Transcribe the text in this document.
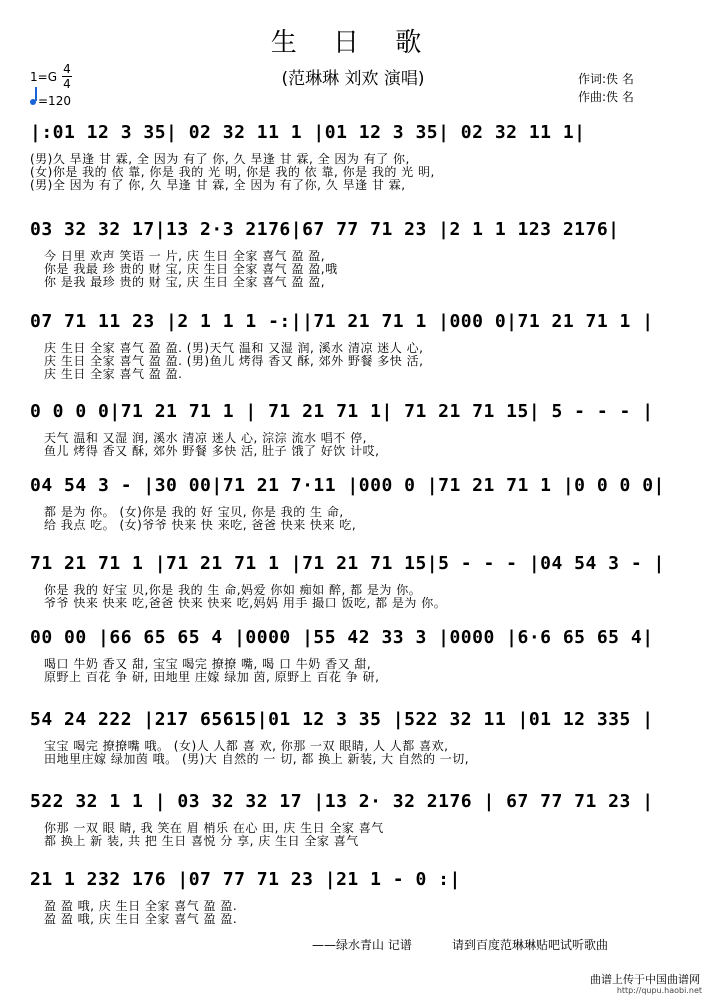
生 日 歌
(范琳琳 刘欢 演唱)
1=G
4
4
=120
作词:佚 名
作曲:佚 名
|:01 12 3 35| 02 32 11 1 |01 12 3 35| 02 32 11 1|
(男)久 旱逢 甘 霖, 全 因为 有了 你, 久 旱逢 甘 霖, 全 因为 有了 你,
(女)你是 我的 依 靠, 你是 我的 光 明, 你是 我的 依 靠, 你是 我的 光 明,
(男)全 因为 有了 你, 久 旱逢 甘 霖, 全 因为 有了你, 久 旱逢 甘 霖,
03 32 32 17|13 2·3 2176|67 77 71 23 |2 1 1 123 2176|
今 日里 欢声 笑语 一 片, 庆 生日 全家 喜气 盈 盈,
你是 我最 珍 贵的 财 宝, 庆 生日 全家 喜气 盈 盈,哦
你 是我 最珍 贵的 财 宝, 庆 生日 全家 喜气 盈 盈,
07 71 11 23 |2 1 1 1 -:||71 21 71 1 |000 0|71 21 71 1 |
庆 生日 全家 喜气 盈 盈. (男)天气 温和 又湿 润, 溪水 清凉 迷人 心,
庆 生日 全家 喜气 盈 盈. (男)鱼儿 烤得 香又 酥, 郊外 野餐 多快 活,
庆 生日 全家 喜气 盈 盈.
0 0 0 0|71 21 71 1 | 71 21 71 1| 71 21 71 15| 5 - - - |
天气 温和 又湿 润, 溪水 清凉 迷人 心, 淙淙 流水 唱不 停,
鱼儿 烤得 香又 酥, 郊外 野餐 多快 活, 肚子 饿了 好饮 计哎,
04 54 3 - |30 00|71 21 7·11 |000 0 |71 21 71 1 |0 0 0 0|
都 是为 你。 (女)你是 我的 好 宝贝, 你是 我的 生 命,
给 我点 吃。 (女)爷爷 快来 快 来吃, 爸爸 快来 快来 吃,
71 21 71 1 |71 21 71 1 |71 21 71 15|5 - - - |04 54 3 - |
你是 我的 好宝 贝,你是 我的 生 命,妈爱 你如 痴如 醉, 都 是为 你。
爷爷 快来 快来 吃,爸爸 快来 快来 吃,妈妈 用手 撮口 饭吃, 都 是为 你。
00 00 |66 65 65 4 |0000 |55 42 33 3 |0000 |6·6 65 65 4|
喝口 牛奶 香又 甜, 宝宝 喝完 撩撩 嘴, 喝 口 牛奶 香又 甜,
原野上 百花 争 研, 田地里 庄嫁 绿加 茵, 原野上 百花 争 研,
54 24 222 |217 65615|01 12 3 35 |522 32 11 |01 12 335 |
宝宝 喝完 撩撩嘴 哦。 (女)人 人都 喜 欢, 你那 一双 眼睛, 人 人都 喜欢,
田地里庄嫁 绿加茵 哦。 (男)大 自然的 一 切, 都 换上 新装, 大 自然的 一切,
522 32 1 1 | 03 32 32 17 |13 2· 32 2176 | 67 77 71 23 |
你那 一双 眼 睛, 我 笑在 眉 梢乐 在心 田, 庆 生日 全家 喜气
都 换上 新 装, 共 把 生日 喜悦 分 享, 庆 生日 全家 喜气
21 1 232 176 |07 77 71 23 |21 1 - 0 :|
盈 盈 哦, 庆 生日 全家 喜气 盈 盈.
盈 盈 哦, 庆 生日 全家 喜气 盈 盈.
——绿水青山 记谱	请到百度范琳琳贴吧试听歌曲
曲谱上传于中国曲谱网
http://qupu.haobi.net
